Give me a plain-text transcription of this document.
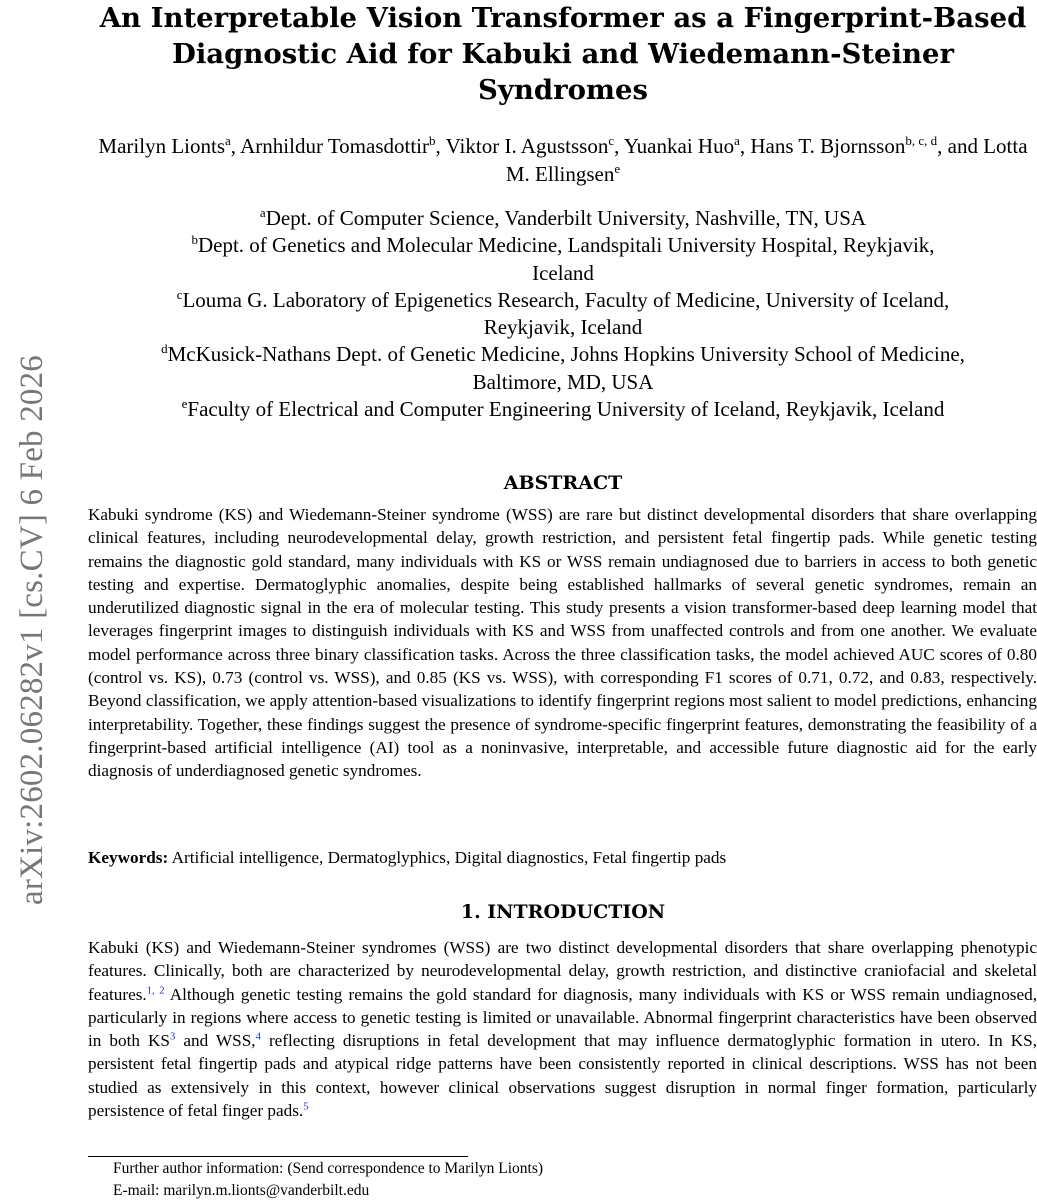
arXiv:2602.06282v1 [cs.CV] 6 Feb 2026
An Interpretable Vision Transformer as a Fingerprint-Based
Diagnostic Aid for Kabuki and Wiedemann-Steiner
Syndromes
Marilyn Lionts$^a$, Arnhildur Tomasdottir$^b$, Viktor I. Agustsson$^c$, Yuankai Huo$^a$, Hans T. Bjornsson$^{b, c, d}$, and Lotta M. Ellingsen$^e$
$^a$Dept. of Computer Science, Vanderbilt University, Nashville, TN, USA
$^b$Dept. of Genetics and Molecular Medicine, Landspitali University Hospital, Reykjavik,
Iceland
$^c$Louma G. Laboratory of Epigenetics Research, Faculty of Medicine, University of Iceland,
Reykjavik, Iceland
$^d$McKusick-Nathans Dept. of Genetic Medicine, Johns Hopkins University School of Medicine,
Baltimore, MD, USA
$^e$Faculty of Electrical and Computer Engineering University of Iceland, Reykjavik, Iceland
ABSTRACT

Kabuki syndrome (KS) and Wiedemann-Steiner syndrome (WSS) are rare but distinct developmental disorders that share overlapping clinical features, including neurodevelopmental delay, growth restriction, and persistent fetal fingertip pads. While genetic testing remains the diagnostic gold standard, many individuals with KS or WSS remain undiagnosed due to barriers in access to both genetic testing and expertise. Dermatoglyphic anomalies, despite being established hallmarks of several genetic syndromes, remain an underutilized diagnostic signal in the era of molecular testing. This study presents a vision transformer-based deep learning model that leverages fingerprint images to distinguish individuals with KS and WSS from unaffected controls and from one another. We evaluate model performance across three binary classification tasks. Across the three classification tasks, the model achieved AUC scores of 0.80 (control vs. KS), 0.73 (control vs. WSS), and 0.85 (KS vs. WSS), with corresponding F1 scores of 0.71, 0.72, and 0.83, respectively. Beyond classification, we apply attention-based visualizations to identify fingerprint regions most salient to model predictions, enhancing interpretability. Together, these findings suggest the presence of syndrome-specific fingerprint features, demonstrating the feasibility of a fingerprint-based artificial intelligence (AI) tool as a noninvasive, interpretable, and accessible future diagnostic aid for the early diagnosis of underdiagnosed genetic syndromes.

Keywords: Artificial intelligence, Dermatoglyphics, Digital diagnostics, Fetal fingertip pads
1. INTRODUCTION

Kabuki (KS) and Wiedemann-Steiner syndromes (WSS) are two distinct developmental disorders that share overlapping phenotypic features. Clinically, both are characterized by neurodevelopmental delay, growth restriction, and distinctive craniofacial and skeletal features.$^{1, 2}$ Although genetic testing remains the gold standard for diagnosis, many individuals with KS or WSS remain undiagnosed, particularly in regions where access to genetic testing is limited or unavailable. Abnormal fingerprint characteristics have been observed in both KS$^3$ and WSS,$^4$ reflecting disruptions in fetal development that may influence dermatoglyphic formation in utero. In KS, persistent fetal fingertip pads and atypical ridge patterns have been consistently reported in clinical descriptions. WSS has not been studied as extensively in this context, however clinical observations suggest disruption in normal finger formation, particularly persistence of fetal finger pads.$^5$

Further author information: (Send correspondence to Marilyn Lionts)
E-mail: marilyn.m.lionts@vanderbilt.edu
